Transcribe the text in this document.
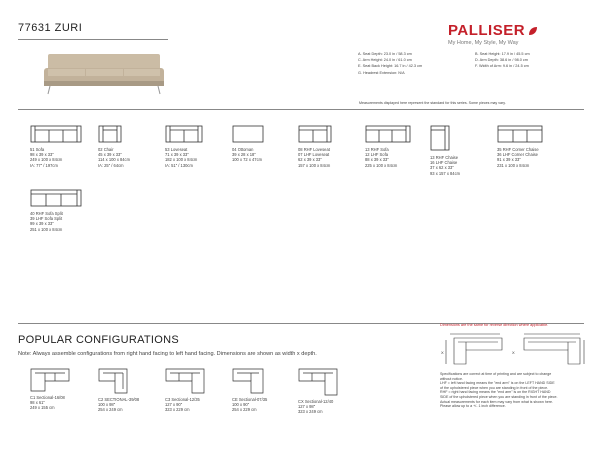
77631 ZURI	PALLISER
My Home, My Style, My Way
A. Seat Depth: 23.0 in / 58.3 cm	B. Seat Height: 17.9 in / 45.5 cm
C. Arm Height: 24.0 in / 61.0 cm	D. Arm Depth: 38.6 in / 98.0 cm
E. Seat Back Height: 16.7 in / 42.3 cm	F. Width of Arm: 9.6 in / 24.5 cm
G. Headrest Extension: N/A
Measurements displayed here represent the standard for this series. Some pieces may vary.
51 Sofa
98 x 39 x 33"
249 x 100 x 84cm
IA: 77" / 197cm
02 Chair
45 x 39 x 33"
114 x 100 x 84cm
IA: 25" / 64cm
53 Loveseat
71 x 39 x 33"
182 x 100 x 84cm
IA: 51" / 130cm
04 Ottoman
39 x 28 x 18"
100 x 72 x 47cm
08 RHF Loveseat
07 LHF Loveseat
62 x 39 x 33"
157 x 100 x 84cm
13 RHF Sofa
12 LHF Sofa
88 x 39 x 33"
225 x 100 x 84cm
13 RHF Chaise
16 LHF Chaise
37 x 62 x 33"
93 x 157 x 84cm
35 RHF Corner Chaise
36 LHF Corner Chaise
91 x 39 x 33"
231 x 100 x 84cm
40 RHF Sofa Split
39 LHF Sofa Split
99 x 39 x 33"
251 x 100 x 84cm
POPULAR CONFIGURATIONS
Note: Always assemble configurations from right hand facing to left hand facing. Dimensions are shown as width x depth.
C1 Sectional-16/08
98 x 61"
249 x 155 cm
C2 SECTIONAL-39/08
100 x 98"
254 x 249 cm
C3 Sectional-12/35
127 x 90"
323 x 229 cm
CE Sectional-07/35
100 x 90"
254 x 229 cm
CX Sectional-12/40
127 x 98"
323 x 249 cm
Dimensions are the same for reverse direction where applicable.
X	X
Specifications are correct at time of printing and are subject to change
without notice.
LHF = left hand facing means the "end arm" is on the LEFT HAND SIDE
of the upholstered piece when you are standing in front of the piece.
RHF = right hand facing means the "end arm" is on the RIGHT HAND
SIDE of the upholstered piece when you are standing in front of the piece.
Actual measurements for each item may vary from what is shown here.
Please allow up to a +/- 1 inch difference.
